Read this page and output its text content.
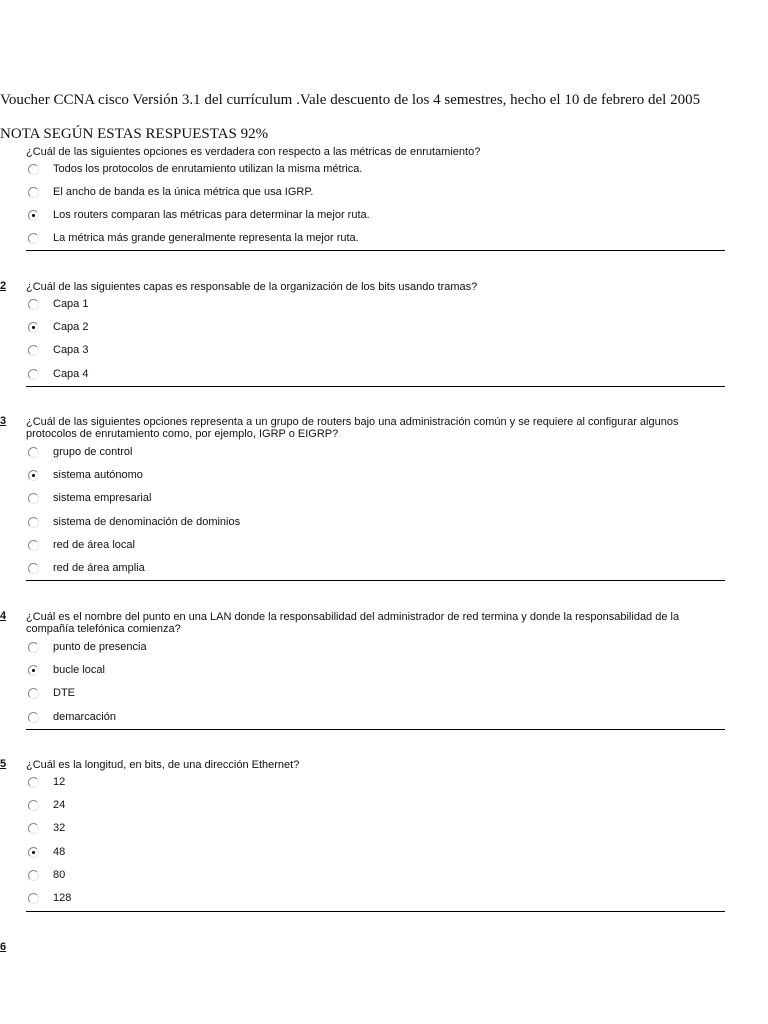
Voucher CCNA cisco Versión 3.1 del currículum .Vale descuento de los 4 semestres, hecho el 10 de febrero del 2005
NOTA SEGÚN ESTAS RESPUESTAS 92%
¿Cuál de las siguientes opciones es verdadera con respecto a las métricas de enrutamiento?
Todos los protocolos de enrutamiento utilizan la misma métrica.
El ancho de banda es la única métrica que usa IGRP.
Los routers comparan las métricas para determinar la mejor ruta.
La métrica más grande generalmente representa la mejor ruta.
2 ¿Cuál de las siguientes capas es responsable de la organización de los bits usando tramas?
Capa 1
Capa 2
Capa 3
Capa 4
3 ¿Cuál de las siguientes opciones representa a un grupo de routers bajo una administración común y se requiere al configurar algunos protocolos de enrutamiento como, por ejemplo, IGRP o EIGRP?
grupo de control
sistema autónomo
sistema empresarial
sistema de denominación de dominios
red de área local
red de área amplia
4 ¿Cuál es el nombre del punto en una LAN donde la responsabilidad del administrador de red termina y donde la responsabilidad de la compañía telefónica comienza?
punto de presencia
bucle local
DTE
demarcación
5 ¿Cuál es la longitud, en bits, de una dirección Ethernet?
12
24
32
48
80
128
6
